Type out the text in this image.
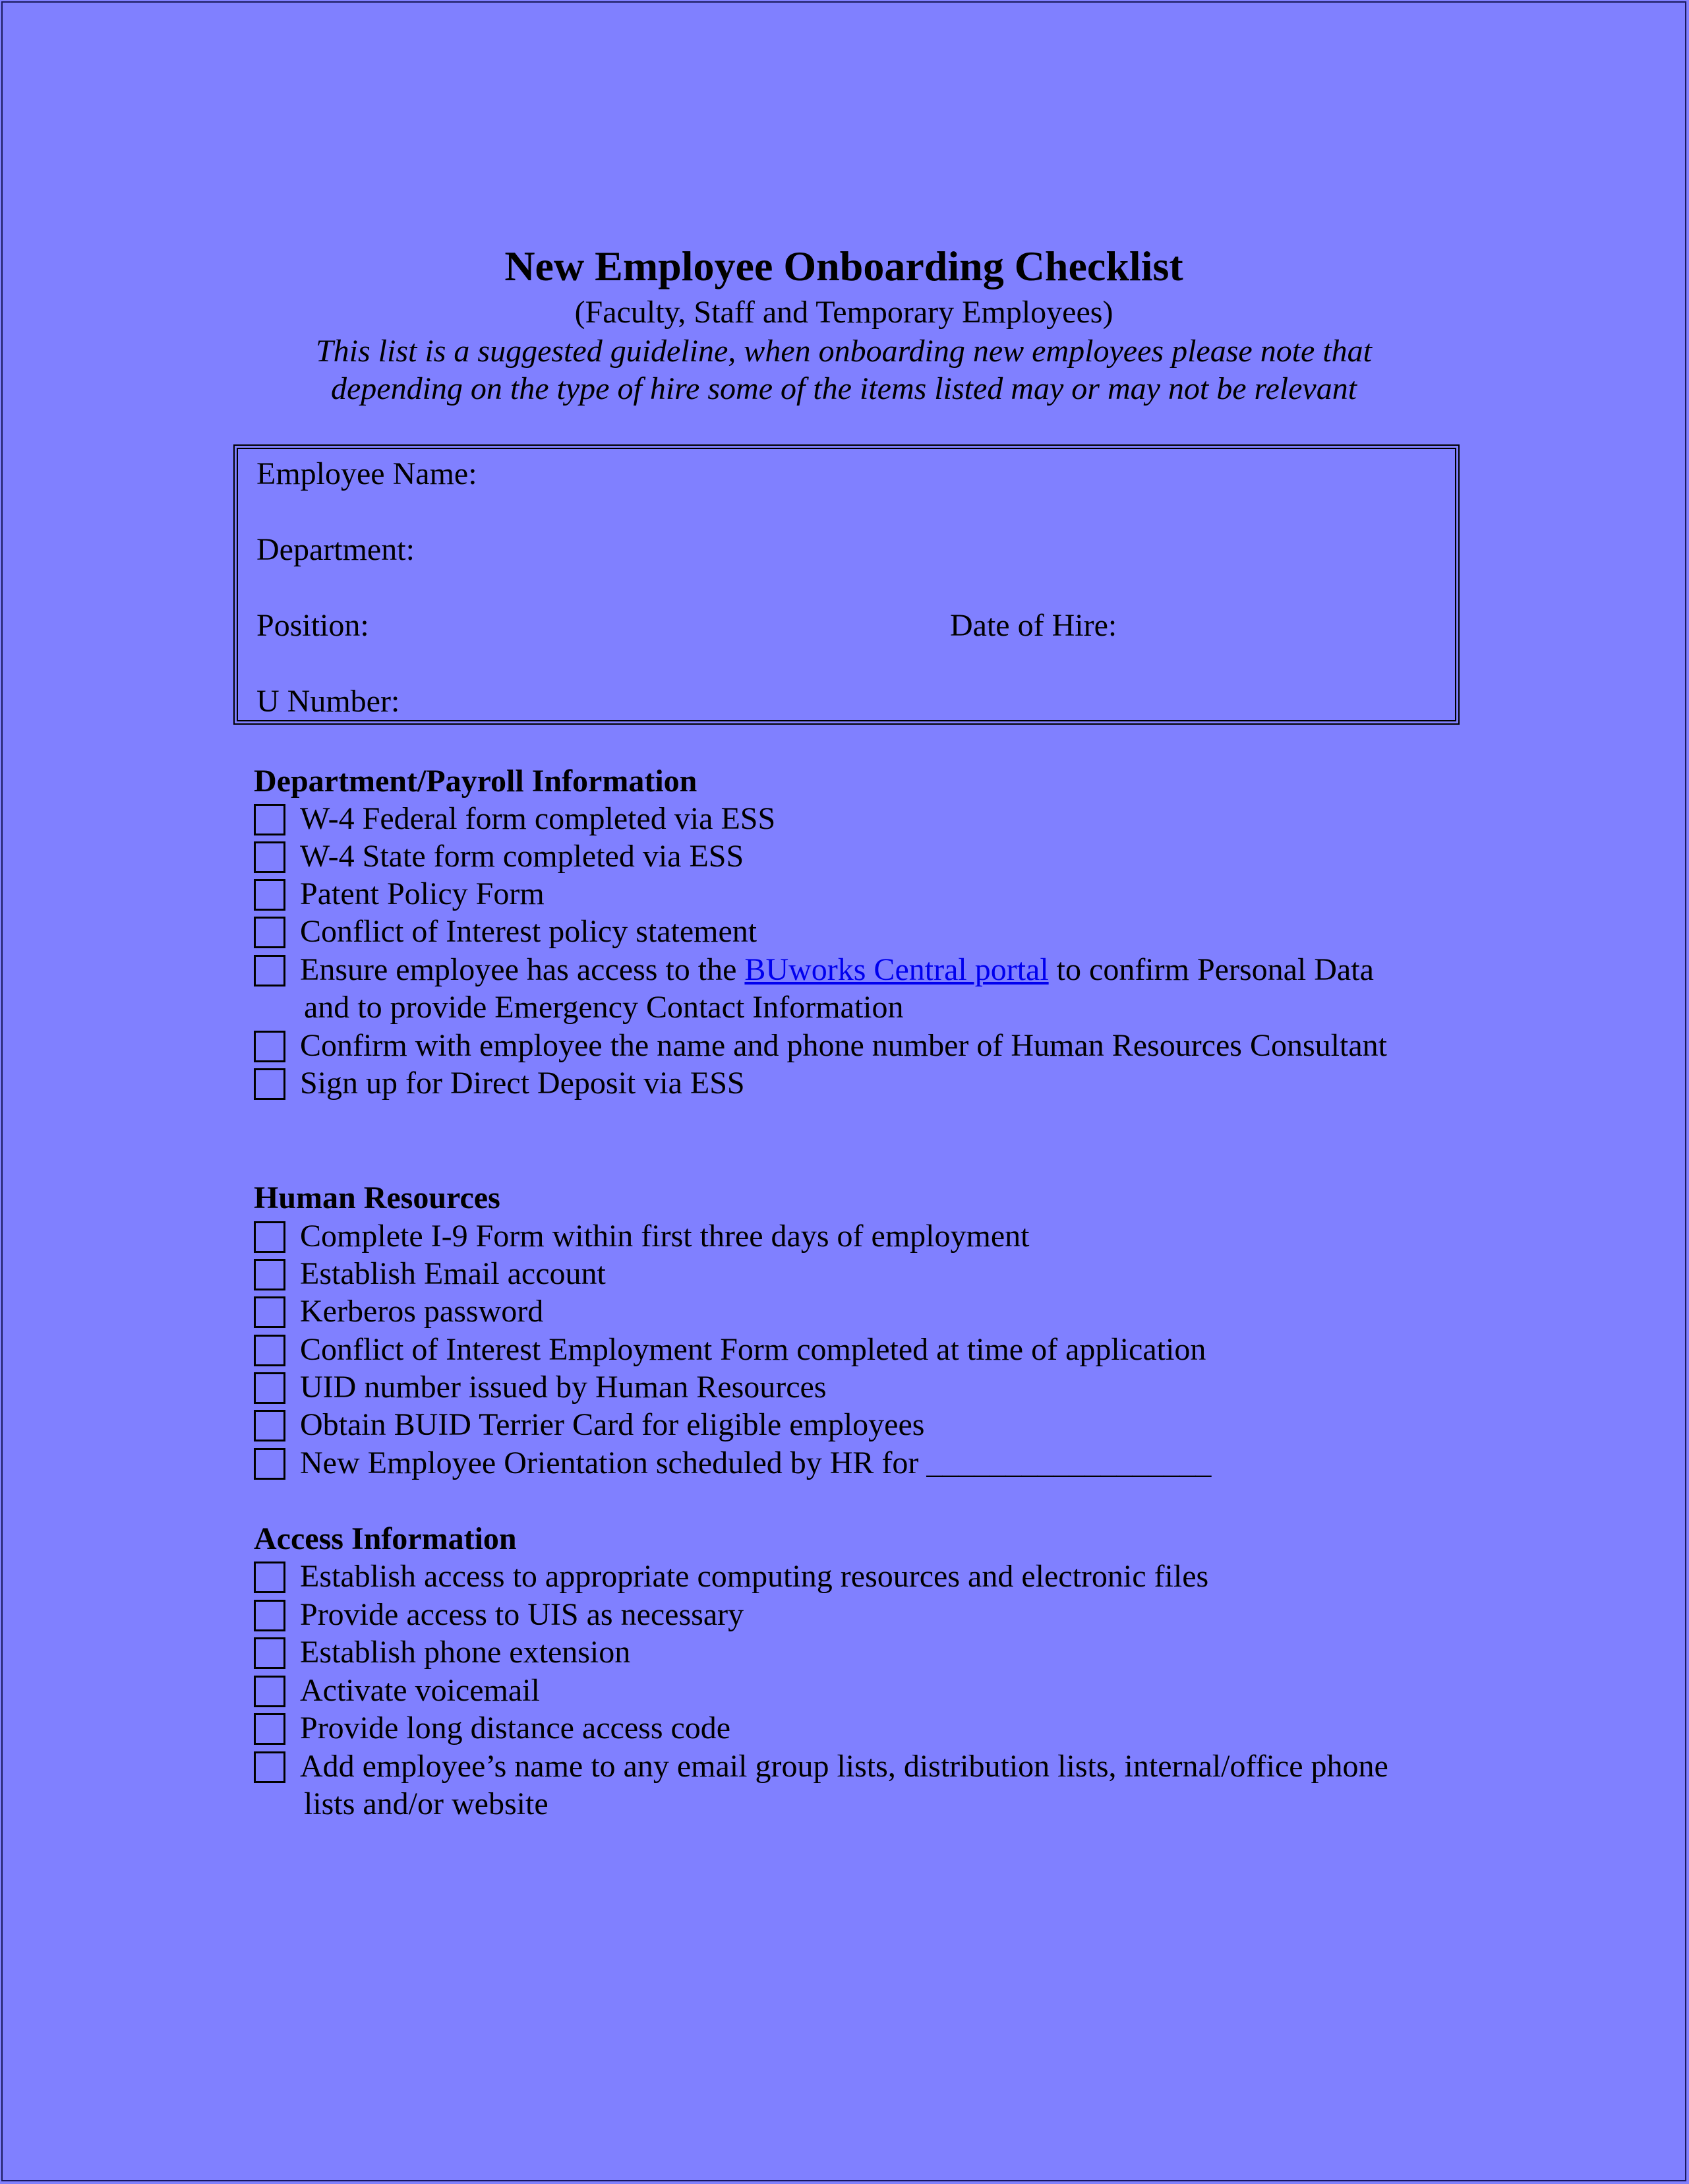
New Employee Onboarding Checklist

(Faculty, Staff and Temporary Employees)

This list is a suggested guideline, when onboarding new employees please note that

depending on the type of hire some of the items listed may or may not be relevant

Employee Name:
Department:
Position:	Date of Hire:
U Number:
Department/Payroll Information
W-4 Federal form completed via ESS
W-4 State form completed via ESS
Patent Policy Form
Conflict of Interest policy statement
Ensure employee has access to the BUworks Central portal to confirm Personal Data
and to provide Emergency Contact Information
Confirm with employee the name and phone number of Human Resources Consultant
Sign up for Direct Deposit via ESS
Human Resources
Complete I-9 Form within first three days of employment
Establish Email account
Kerberos password
Conflict of Interest Employment Form completed at time of application
UID number issued by Human Resources
Obtain BUID Terrier Card for eligible employees
New Employee Orientation scheduled by HR for __________________
Access Information
Establish access to appropriate computing resources and electronic files
Provide access to UIS as necessary
Establish phone extension
Activate voicemail
Provide long distance access code
Add employee’s name to any email group lists, distribution lists, internal/office phone
lists and/or website
